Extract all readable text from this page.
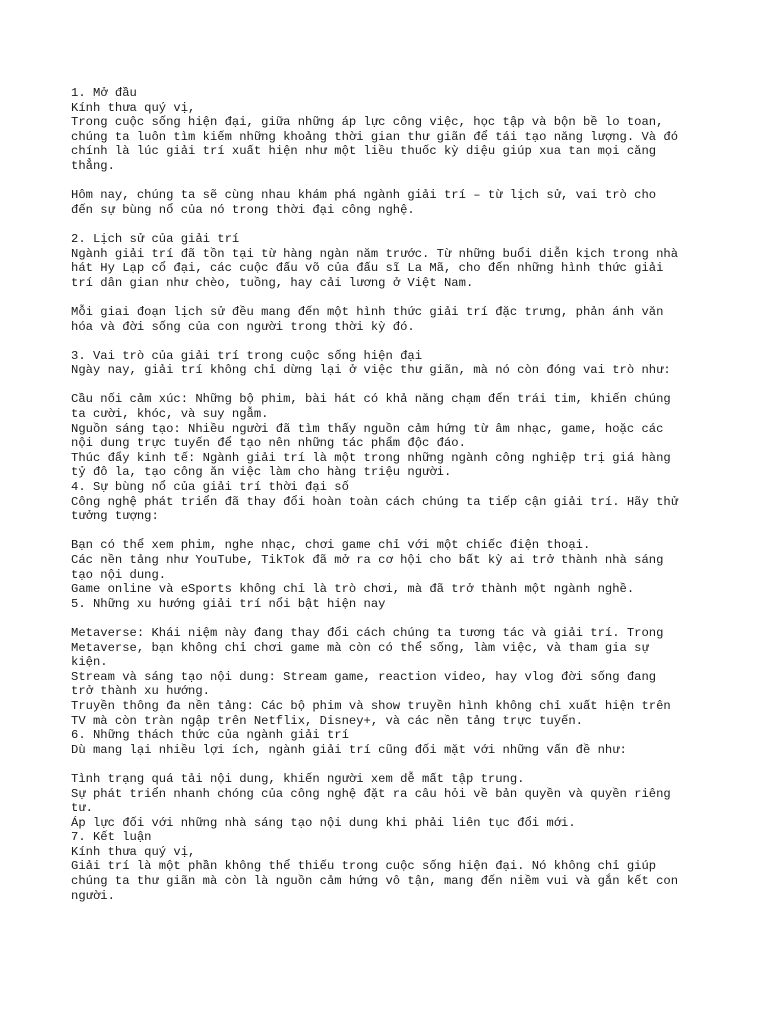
1. Mở đầu
Kính thưa quý vị,
Trong cuộc sống hiện đại, giữa những áp lực công việc, học tập và bộn bề lo toan,
chúng ta luôn tìm kiếm những khoảng thời gian thư giãn để tái tạo năng lượng. Và đó
chính là lúc giải trí xuất hiện như một liều thuốc kỳ diệu giúp xua tan mọi căng
thẳng.
Hôm nay, chúng ta sẽ cùng nhau khám phá ngành giải trí – từ lịch sử, vai trò cho
đến sự bùng nổ của nó trong thời đại công nghệ.
2. Lịch sử của giải trí
Ngành giải trí đã tồn tại từ hàng ngàn năm trước. Từ những buổi diễn kịch trong nhà
hát Hy Lạp cổ đại, các cuộc đấu võ của đấu sĩ La Mã, cho đến những hình thức giải
trí dân gian như chèo, tuồng, hay cải lương ở Việt Nam.
Mỗi giai đoạn lịch sử đều mang đến một hình thức giải trí đặc trưng, phản ánh văn
hóa và đời sống của con người trong thời kỳ đó.
3. Vai trò của giải trí trong cuộc sống hiện đại
Ngày nay, giải trí không chỉ dừng lại ở việc thư giãn, mà nó còn đóng vai trò như:
Cầu nối cảm xúc: Những bộ phim, bài hát có khả năng chạm đến trái tim, khiến chúng
ta cười, khóc, và suy ngẫm.
Nguồn sáng tạo: Nhiều người đã tìm thấy nguồn cảm hứng từ âm nhạc, game, hoặc các
nội dung trực tuyến để tạo nên những tác phẩm độc đáo.
Thúc đẩy kinh tế: Ngành giải trí là một trong những ngành công nghiệp trị giá hàng
tỷ đô la, tạo công ăn việc làm cho hàng triệu người.
4. Sự bùng nổ của giải trí thời đại số
Công nghệ phát triển đã thay đổi hoàn toàn cách chúng ta tiếp cận giải trí. Hãy thử
tưởng tượng:
Bạn có thể xem phim, nghe nhạc, chơi game chỉ với một chiếc điện thoại.
Các nền tảng như YouTube, TikTok đã mở ra cơ hội cho bất kỳ ai trở thành nhà sáng
tạo nội dung.
Game online và eSports không chỉ là trò chơi, mà đã trở thành một ngành nghề.
5. Những xu hướng giải trí nổi bật hiện nay
Metaverse: Khái niệm này đang thay đổi cách chúng ta tương tác và giải trí. Trong
Metaverse, bạn không chỉ chơi game mà còn có thể sống, làm việc, và tham gia sự
kiện.
Stream và sáng tạo nội dung: Stream game, reaction video, hay vlog đời sống đang
trở thành xu hướng.
Truyền thông đa nền tảng: Các bộ phim và show truyền hình không chỉ xuất hiện trên
TV mà còn tràn ngập trên Netflix, Disney+, và các nền tảng trực tuyến.
6. Những thách thức của ngành giải trí
Dù mang lại nhiều lợi ích, ngành giải trí cũng đối mặt với những vấn đề như:
Tình trạng quá tải nội dung, khiến người xem dễ mất tập trung.
Sự phát triển nhanh chóng của công nghệ đặt ra câu hỏi về bản quyền và quyền riêng
tư.
Áp lực đối với những nhà sáng tạo nội dung khi phải liên tục đổi mới.
7. Kết luận
Kính thưa quý vị,
Giải trí là một phần không thể thiếu trong cuộc sống hiện đại. Nó không chỉ giúp
chúng ta thư giãn mà còn là nguồn cảm hứng vô tận, mang đến niềm vui và gắn kết con
người.
